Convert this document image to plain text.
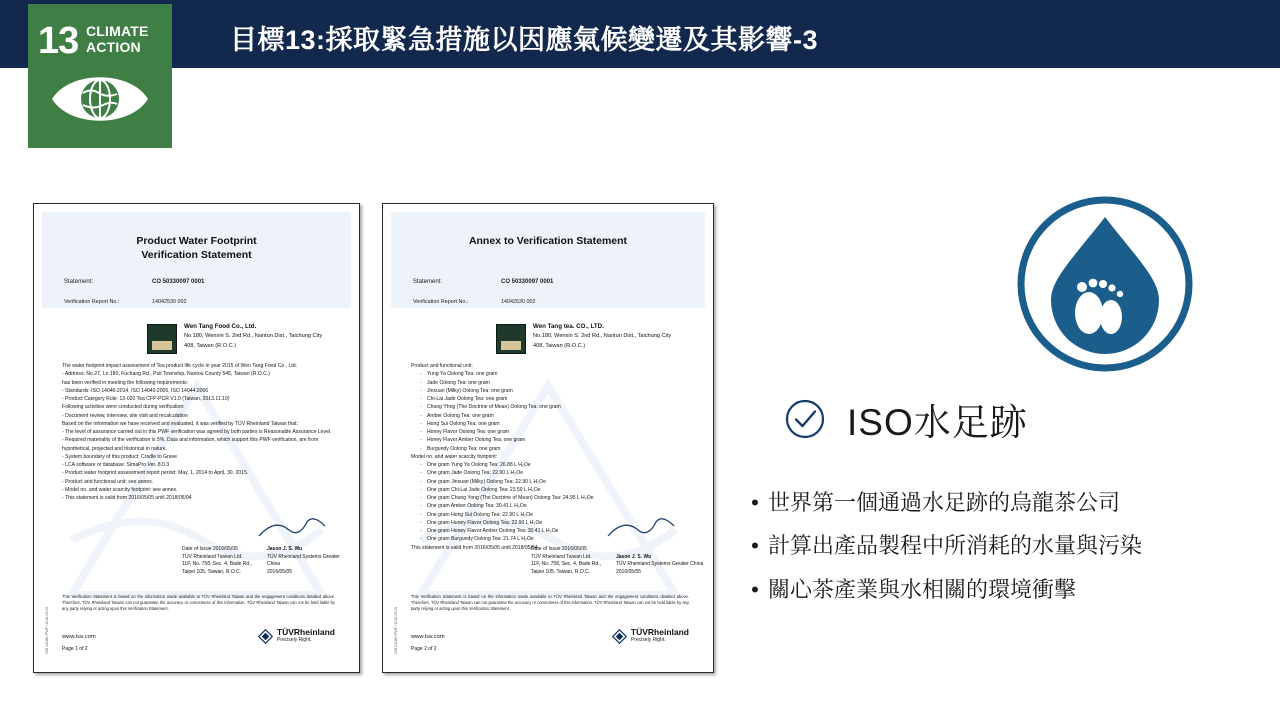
13 CLIMATE
ACTION	目標13:採取緊急措施以因應氣候變遷及其影響-3
Product Water Footprint
Verification Statement
Statement:	CO 50330097 0001
Verification Report No.:	14042530 002
Wen Tang Food Co., Ltd.
No.180, Wenxin S. 2nd Rd., Nantun Dist., Taichung City
408, Taiwan (R.O.C.)
The water footprint impact assessment of Tea product life cycle in year 2015 of Wen Tang Food Co., Ltd.
- Address: No.27, Ln.180, Fuchang Rd., Puli Township, Nantou County 545, Taiwan (R.O.C.)
has been verified in meeting the following requirements:
- Standards: ISO 14046:2014, ISO 14040:2006, ISO 14044:2006
- Product Category Rule: 13-020 Tea CFP-PCR V1.0 (Taiwan, 2013.11.19)
Following activities were conducted during verification:
- Document review, interview, site visit and recalculation
Based on the information we have received and evaluated, it was verified by TÜV Rheinland Taiwan that:
- The level of assurance carried out in this PWF verification was agreed by both parties is Reasonable Assurance Level.
- Required materiality of the verification is 5%. Data and information, which support this PWF verification, are from hypothetical, projected and historical in nature.
- System boundary of this product: Cradle to Grave
- LCA software or database: SimaPro Ver. 8.0.3
- Product water footprint assessment report period: May, 1, 2014 to April, 30, 2015.
- Product and functional unit: see annex.
- Model no. and water scarcity footprint: see annex.
- This statement is valid from 2016/05/05 until 2018/05/04
Date of Issue 2016/05/05
TÜV Rheinland Taiwan Ltd.
11F, No. 758, Sec. 4, Bade Rd.,
Taipei 105, Taiwan, R.O.C.
Jason J. S. Wu
TÜV Rheinland Systems Greater China
2016/05/05
This Verification Statement is based on the information made available to TÜV Rheinland Taiwan and the engagement conditions detailed above. Therefore, TÜV Rheinland Taiwan can not guarantee the accuracy or correctness of this information. TÜV Rheinland Taiwan can not be held liable by any party relying or acting upon this Verification Statement.
www.tuv.com
Page 1 of 2
TÜVRheinland
Precisely Right.
ISO 14046 / PWF / 2016-05-05
Annex to Verification Statement
Statement:	CO 50330097 0001
Verification Report No.:	14042530 002
Wen Tang tea. CO., LTD.
No.180, Wenxin S. 2nd Rd., Nantun Dist., Taichung City
408, Taiwan (R.O.C.)
Product and functional unit:
- Yung Ya Oolong Tea: one gram
- Jade Oolong Tea: one gram
- Jinxuan (Milky) Oolong Tea: one gram
- Chi-Lai Jade Oolong Tea: one gram
- Chung Yhng (The Doctrine of Mean) Oolong Tea: one gram
- Amber Oolong Tea: one gram
- Hong Sui Oolong Tea: one gram
- Honey Flavor Oolong Tea: one gram
- Honey Flavor Amber Oolong Tea: one gram
- Burgundy Oolong Tea: one gram
Model no. and water scarcity footprint:
- One gram Yung Ya Oolong Tea: 26.88 L H₂Oe
- One gram Jade Oolong Tea: 22.90 L H₂Oe
- One gram Jinxuan (Milky) Oolong Tea: 22.90 L H₂Oe
- One gram Chi-Lai Jade Oolong Tea: 23.59 L H₂Oe
- One gram Chung Yong (The Doctrine of Mean) Oolong Tea: 24.95 L H₂Oe
- One gram Amber Oolong Tea: 30.41 L H₂Oe
- One gram Hong Sui Oolong Tea: 22.90 L H₂Oe
- One gram Honey Flavor Oolong Tea: 22.90 L H₂Oe
- One gram Honey Flavor Amber Oolong Tea: 30.41 L H₂Oe
- One gram Burgundy Oolong Tea: 21.74 L H₂Oe
This statement is valid from 2016/05/05 until 2018/05/04
Date of Issue 2016/05/05
TÜV Rheinland Taiwan Ltd.
11F, No. 758, Sec. 4, Bade Rd.,
Taipei 105, Taiwan, R.O.C.
Jason J. S. Wu
TÜV Rheinland Systems Greater China
2016/05/05
This Verification Statement is based on the information made available to TÜV Rheinland Taiwan and the engagement conditions detailed above. Therefore, TÜV Rheinland Taiwan can not guarantee the accuracy or correctness of this information. TÜV Rheinland Taiwan can not be held liable by any party relying or acting upon this Verification Statement.
www.tuv.com
Page 2 of 2
TÜVRheinland
Precisely Right.
ISO 14046 / PWF / 2016-05-05
ISO水足跡
• 世界第一個通過水足跡的烏龍茶公司
• 計算出產品製程中所消耗的水量與污染
• 關心茶產業與水相關的環境衝擊
